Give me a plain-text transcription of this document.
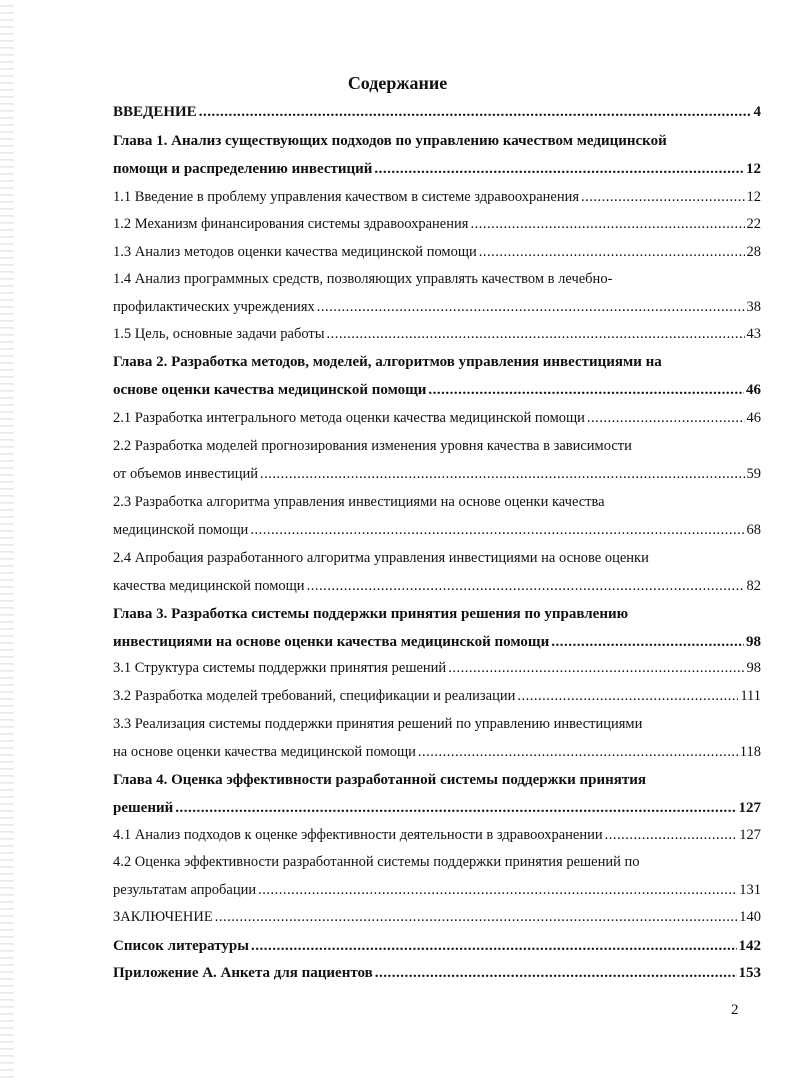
Содержание
ВВЕДЕНИЕ .....	4
Глава 1. Анализ существующих подходов по управлению качеством медицинской
помощи и распределению инвестиций .....	12
1.1 Введение в проблему управления качеством в системе здравоохранения .....	12
1.2 Механизм финансирования системы здравоохранения .....	22
1.3 Анализ методов оценки качества медицинской помощи .....	28
1.4 Анализ программных средств, позволяющих управлять качеством в лечебно-
профилактических учреждениях .....	38
1.5 Цель, основные задачи работы .....	43
Глава 2. Разработка методов, моделей, алгоритмов управления инвестициями на
основе оценки качества медицинской помощи .....	46
2.1 Разработка интегрального метода оценки качества медицинской помощи .....	46
2.2 Разработка моделей прогнозирования изменения уровня качества в зависимости
от объемов инвестиций .....	59
2.3 Разработка алгоритма управления инвестициями на основе оценки качества
медицинской помощи .....	68
2.4 Апробация разработанного алгоритма управления инвестициями на основе оценки
качества медицинской помощи .....	82
Глава 3. Разработка системы поддержки принятия решения по управлению
инвестициями на основе оценки качества медицинской помощи .....	98
3.1 Структура системы поддержки принятия решений .....	98
3.2 Разработка моделей требований, спецификации и реализации .....	111
3.3 Реализация системы поддержки принятия решений по управлению инвестициями
на основе оценки качества медицинской помощи .....	118
Глава 4. Оценка эффективности разработанной системы поддержки принятия
решений .....	127
4.1 Анализ подходов к оценке эффективности деятельности в здравоохранении .....	127
4.2 Оценка эффективности разработанной системы поддержки принятия решений по
результатам апробации .....	131
ЗАКЛЮЧЕНИЕ .....	140
Список литературы .....	142
Приложение А. Анкета для пациентов .....	153
2
